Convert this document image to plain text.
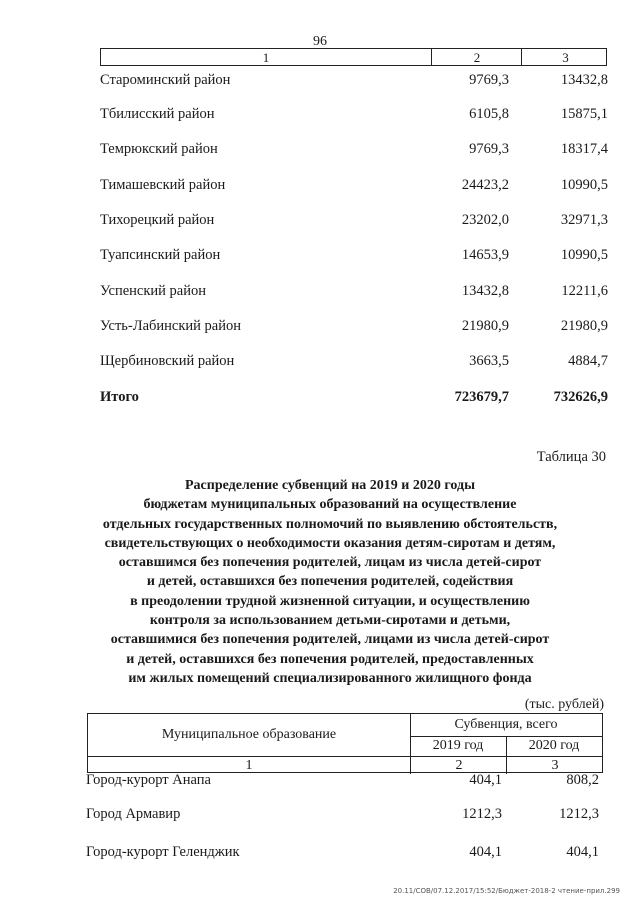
96
1	2	3
Староминский район	9769,3	13432,8
Тбилисский район	6105,8	15875,1
Темрюкский район	9769,3	18317,4
Тимашевский район	24423,2	10990,5
Тихорецкий район	23202,0	32971,3
Туапсинский район	14653,9	10990,5
Успенский район	13432,8	12211,6
Усть-Лабинский район	21980,9	21980,9
Щербиновский район	3663,5	4884,7
Итого	723679,7	732626,9
Таблица 30
Распределение субвенций на 2019 и 2020 годы
бюджетам муниципальных образований на осуществление
отдельных государственных полномочий по выявлению обстоятельств,
свидетельствующих о необходимости оказания детям-сиротам и детям,
оставшимся без попечения родителей, лицам из числа детей-сирот
и детей, оставшихся без попечения родителей, содействия
в преодолении трудной жизненной ситуации, и осуществлению
контроля за использованием детьми-сиротами и детьми,
оставшимися без попечения родителей, лицами из числа детей-сирот
и детей, оставшихся без попечения родителей, предоставленных
им жилых помещений специализированного жилищного фонда
(тыс. рублей)
Муниципальное образование
Субвенция, всего
2019 год	2020 год
1	2	3
Город-курорт Анапа	404,1	808,2
Город Армавир	1212,3	1212,3
Город-курорт Геленджик	404,1	404,1
20.11/СОВ/07.12.2017/15:52/Бюджет-2018-2 чтение-прил.299
